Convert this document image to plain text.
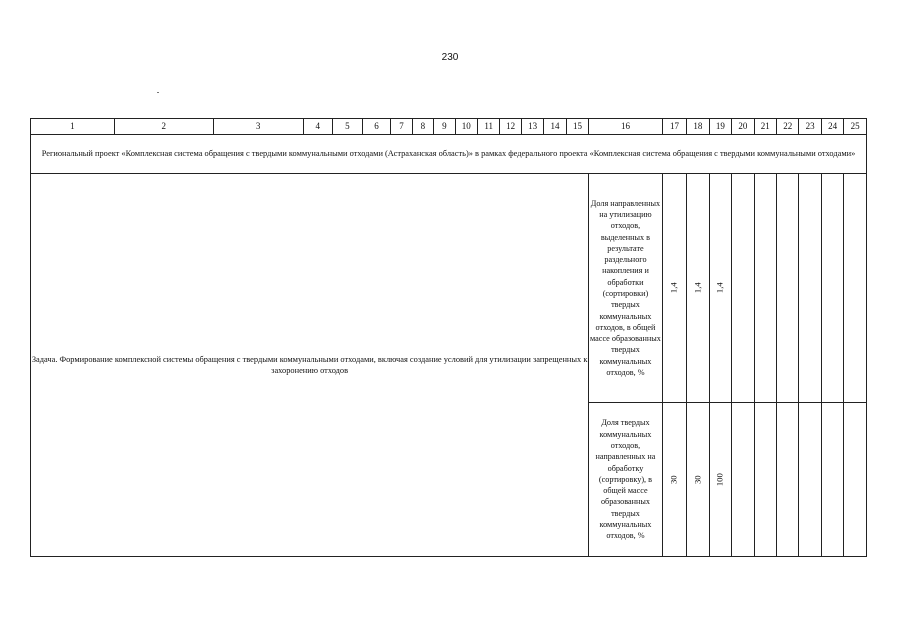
230
1	2	3	4	5	6	7	8	9	10	11	12	13	14	15	16	17	18	19	20	21	22	23	24	25
Региональный проект «Комплексная система обращения с твердыми коммунальными отходами (Астраханская область)» в рамках федерального проекта «Комплексная система обращения с твердыми коммунальными отходами»																								
Задача. Формирование комплексной системы обращения с твердыми коммунальными отходами, включая создание условий для утилизации запрещенных к захоронению отходов															Доля направленных на утилизацию отходов, выделенных в результате раздельного накопления и обработки (сортировки) твердых коммунальных отходов, в общей массе образованных твердых коммунальных отходов, %	1,4	1,4	1,4						
															Доля твердых коммунальных отходов, направленных на обработку (сортировку), в общей массе образованных твердых коммунальных отходов, %	30	30	100						
